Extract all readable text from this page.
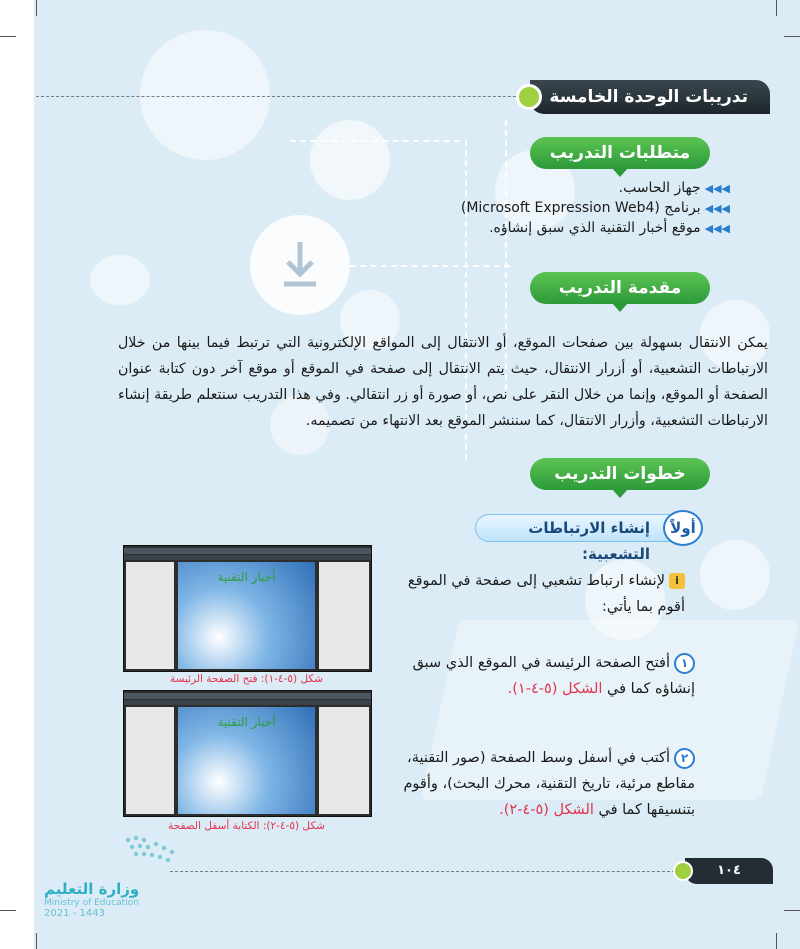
تدريبات الوحدة الخامسة
متطلبات التدريب
◀◀◀جهاز الحاسب.
◀◀◀برنامج (Microsoft Expression Web4)
◀◀◀موقع أخبار التقنية الذي سبق إنشاؤه.
مقدمة التدريب
يمكن الانتقال بسهولة بين صفحات الموقع، أو الانتقال إلى المواقع الإلكترونية التي ترتبط فيما بينها من خلال الارتباطات التشعبية، أو أزرار الانتقال، حيث يتم الانتقال إلى صفحة في الموقع أو موقع آخر دون كتابة عنوان الصفحة أو الموقع، وإنما من خلال النقر على نص، أو صورة أو زر انتقالي. وفي هذا التدريب سنتعلم طريقة إنشاء الارتباطات التشعبية، وأزرار الانتقال، كما سننشر الموقع بعد الانتهاء من تصميمه.
خطوات التدريب
إنشاء الارتباطات التشعبية:
أولاً
iلإنشاء ارتباط تشعبي إلى صفحة في الموقع أقوم بما يأتي:
١أفتح الصفحة الرئيسة في الموقع الذي سبق إنشاؤه كما في الشكل (٥-٤-١).
٢أكتب في أسفل وسط الصفحة (صور التقنية، مقاطع مرئية، تاريخ التقنية، محرك البحث)، وأقوم بتنسيقها كما في الشكل (٥-٤-٢).
أخبار التقنية
شكل (٥-٤-١): فتح الصفحة الرئيسة
أخبار التقنية
شكل (٥-٤-٢): الكتابة أسفل الصفحة
وزارة التعليم
Ministry of Education
2021 - 1443
١٠٤
